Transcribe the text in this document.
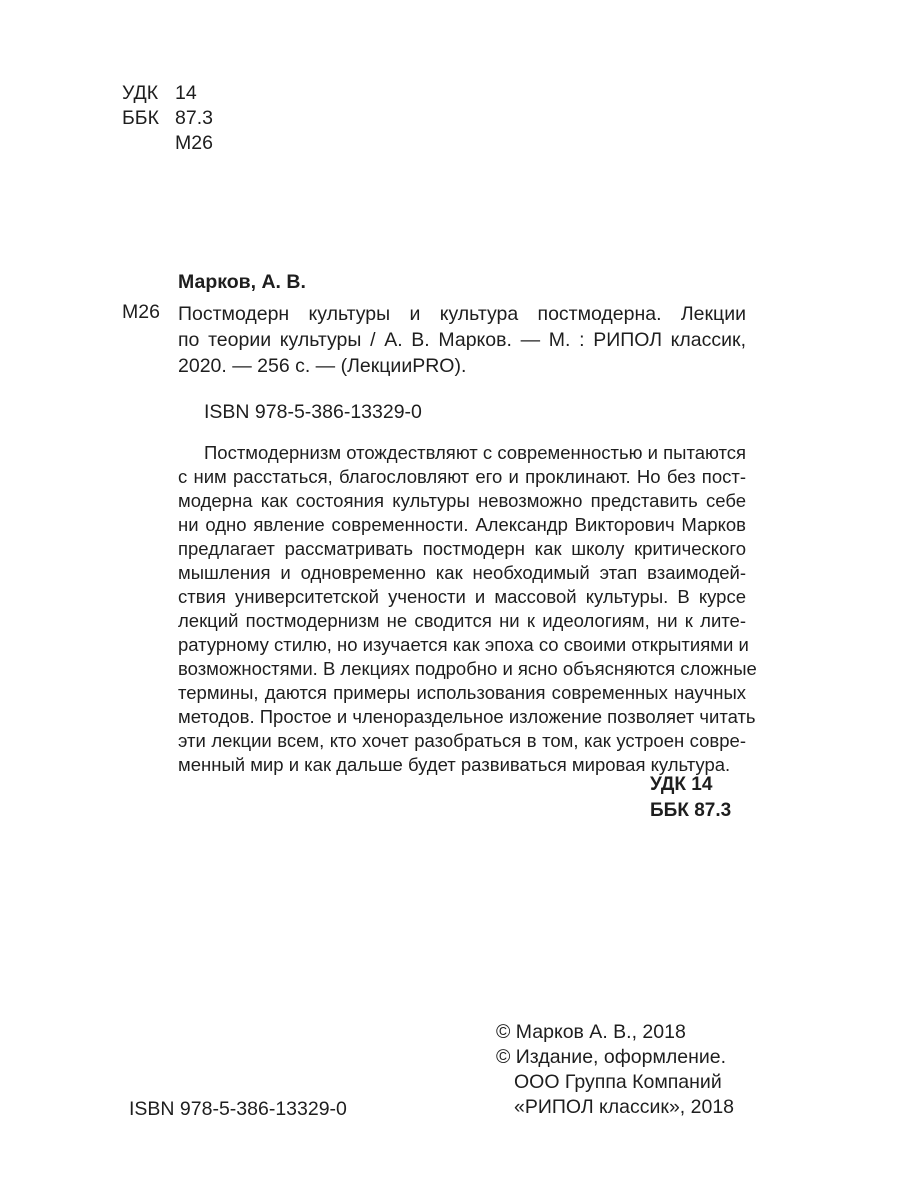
УДК 14
ББК 87.3
М26

Марков, А. В.

М26 Постмодерн культуры и культура постмодерна. Лекции
по теории культуры / А. В. Марков. — М. : РИПОЛ классик,
2020. — 256 с. — (ЛекцииPRO).

ISBN 978-5-386-13329-0

Постмодернизм отождествляют с современностью и пытаются
с ним расстаться, благословляют его и проклинают. Но без пост-
модерна как состояния культуры невозможно представить себе
ни одно явление современности. Александр Викторович Марков
предлагает рассматривать постмодерн как школу критического
мышления и одновременно как необходимый этап взаимодей-
ствия университетской учености и массовой культуры. В курсе
лекций постмодернизм не сводится ни к идеологиям, ни к лите-
ратурному стилю, но изучается как эпоха со своими открытиями и
возможностями. В лекциях подробно и ясно объясняются сложные
термины, даются примеры использования современных научных
методов. Простое и членораздельное изложение позволяет читать
эти лекции всем, кто хочет разобраться в том, как устроен совре-
менный мир и как дальше будет развиваться мировая культура.
УДК 14
ББК 87.3
© Марков А. В., 2018
© Издание, оформление.
ООО Группа Компаний
«РИПОЛ классик», 2018

ISBN 978-5-386-13329-0
